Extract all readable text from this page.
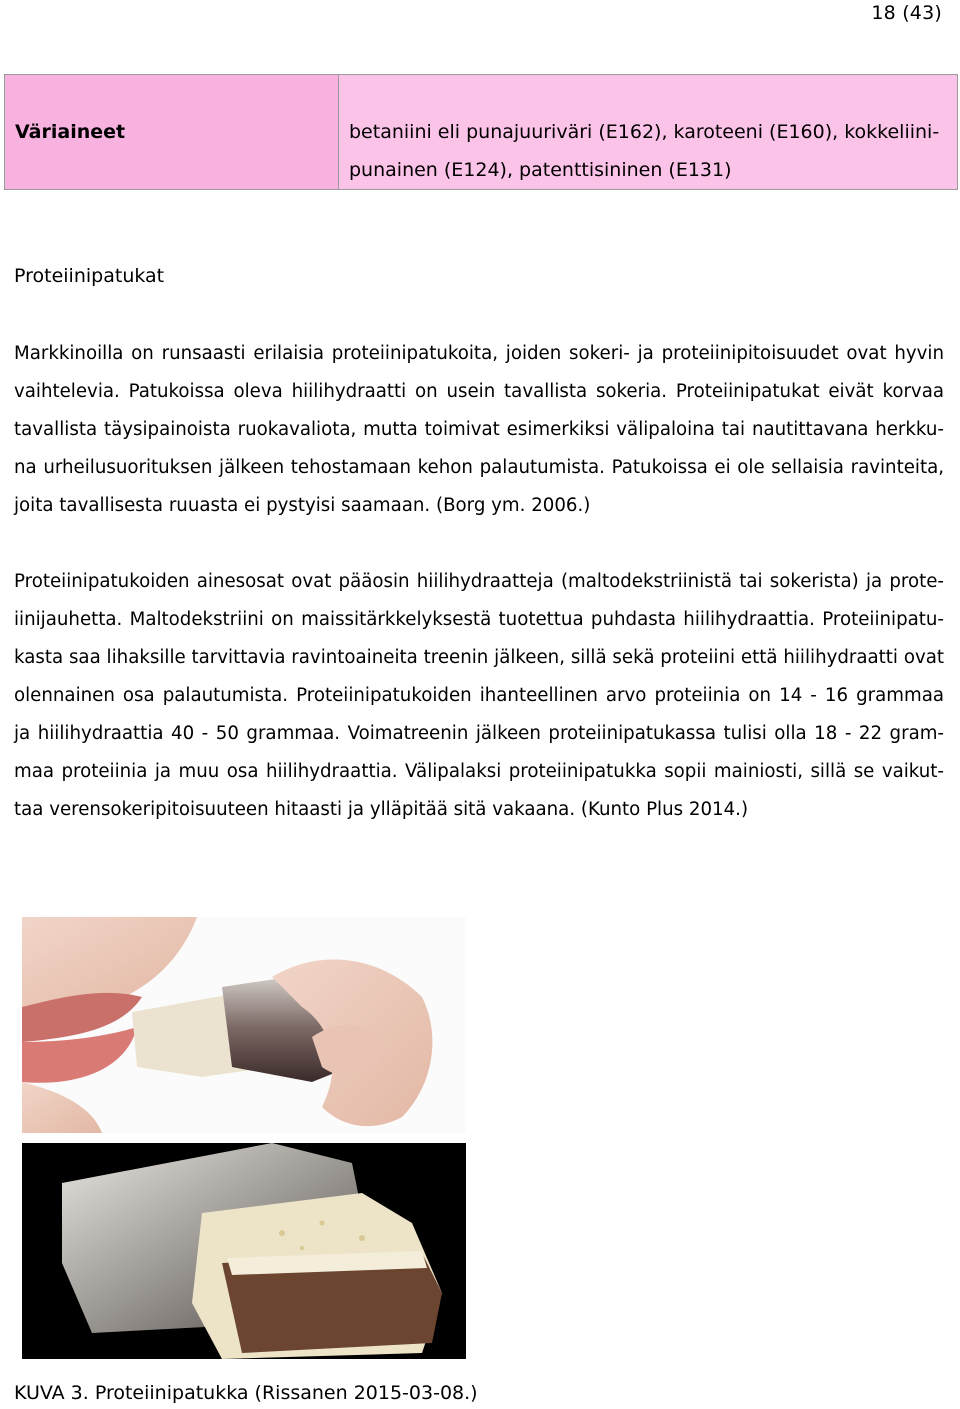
18 (43)
Väriaineet	betaniini eli punajuuriväri (E162), karoteeni (E160), kokkeliini-
punainen (E124), patenttisininen (E131)
Proteiinipatukat
Markkinoilla on runsaasti erilaisia proteiinipatukoita, joiden sokeri- ja proteiinipitoisuudet ovat hyvin
vaihtelevia. Patukoissa oleva hiilihydraatti on usein tavallista sokeria. Proteiinipatukat eivät korvaa
tavallista täysipainoista ruokavaliota, mutta toimivat esimerkiksi välipaloina tai nautittavana herkku-
na urheilusuorituksen jälkeen tehostamaan kehon palautumista. Patukoissa ei ole sellaisia ravinteita,
joita tavallisesta ruuasta ei pystyisi saamaan. (Borg ym. 2006.)
Proteiinipatukoiden ainesosat ovat pääosin hiilihydraatteja (maltodekstriinistä tai sokerista) ja prote-
iinijauhetta. Maltodekstriini on maissitärkkelyksestä tuotettua puhdasta hiilihydraattia. Proteiinipatu-
kasta saa lihaksille tarvittavia ravintoaineita treenin jälkeen, sillä sekä proteiini että hiilihydraatti ovat
olennainen osa palautumista. Proteiinipatukoiden ihanteellinen arvo proteiinia on 14 - 16 grammaa
ja hiilihydraattia 40 - 50 grammaa. Voimatreenin jälkeen proteiinipatukassa tulisi olla 18 - 22 gram-
maa proteiinia ja muu osa hiilihydraattia. Välipalaksi proteiinipatukka sopii mainiosti, sillä se vaikut-
taa verensokeripitoisuuteen hitaasti ja ylläpitää sitä vakaana. (Kunto Plus 2014.)
KUVA 3. Proteiinipatukka (Rissanen 2015-03-08.)
